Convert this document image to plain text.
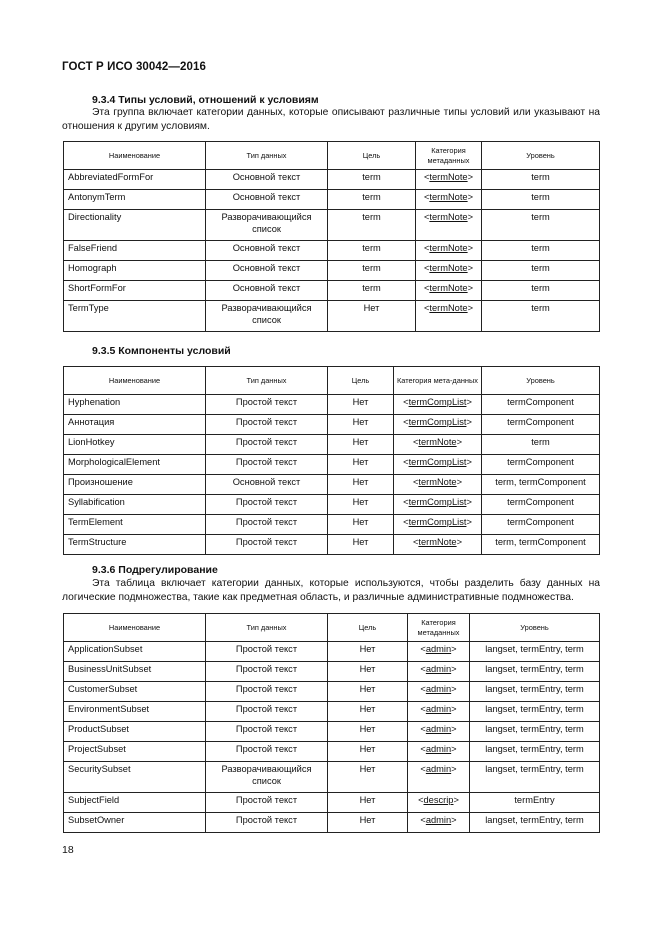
ГОСТ Р ИСО 30042—2016
9.3.4 Типы условий, отношений к условиям
Эта группа включает категории данных, которые описывают различные типы условий или указывают на отношения к другим условиям.
Наименование	Тип данных	Цель	Категория метаданных	Уровень
AbbreviatedFormFor	Основной текст	term	<termNote>	term
AntonymTerm	Основной текст	term	<termNote>	term
Directionality	Разворачивающийся список	term	<termNote>	term
FalseFriend	Основной текст	term	<termNote>	term
Homograph	Основной текст	term	<termNote>	term
ShortFormFor	Основной текст	term	<termNote>	term
TermType	Разворачивающийся список	Нет	<termNote>	term
9.3.5 Компоненты условий
Наименование	Тип данных	Цель	Категория мета-данных	Уровень
Hyphenation	Простой текст	Нет	<termCompList>	termComponent
Аннотация	Простой текст	Нет	<termCompList>	termComponent
LionHotkey	Простой текст	Нет	<termNote>	term
MorphologicalElement	Простой текст	Нет	<termCompList>	termComponent
Произношение	Основной текст	Нет	<termNote>	term, termComponent
Syllabification	Простой текст	Нет	<termCompList>	termComponent
TermElement	Простой текст	Нет	<termCompList>	termComponent
TermStructure	Простой текст	Нет	<termNote>	term, termComponent
9.3.6 Подрегулирование
Эта таблица включает категории данных, которые используются, чтобы разделить базу данных на логические подмножества, такие как предметная область, и различные административные подмножества.
Наименование	Тип данных	Цель	Категория метаданных	Уровень
ApplicationSubset	Простой текст	Нет	<admin>	langset, termEntry, term
BusinessUnitSubset	Простой текст	Нет	<admin>	langset, termEntry, term
CustomerSubset	Простой текст	Нет	<admin>	langset, termEntry, term
EnvironmentSubset	Простой текст	Нет	<admin>	langset, termEntry, term
ProductSubset	Простой текст	Нет	<admin>	langset, termEntry, term
ProjectSubset	Простой текст	Нет	<admin>	langset, termEntry, term
SecuritySubset	Разворачивающийся список	Нет	<admin>	langset, termEntry, term
SubjectField	Простой текст	Нет	<descrip>	termEntry
SubsetOwner	Простой текст	Нет	<admin>	langset, termEntry, term
18
